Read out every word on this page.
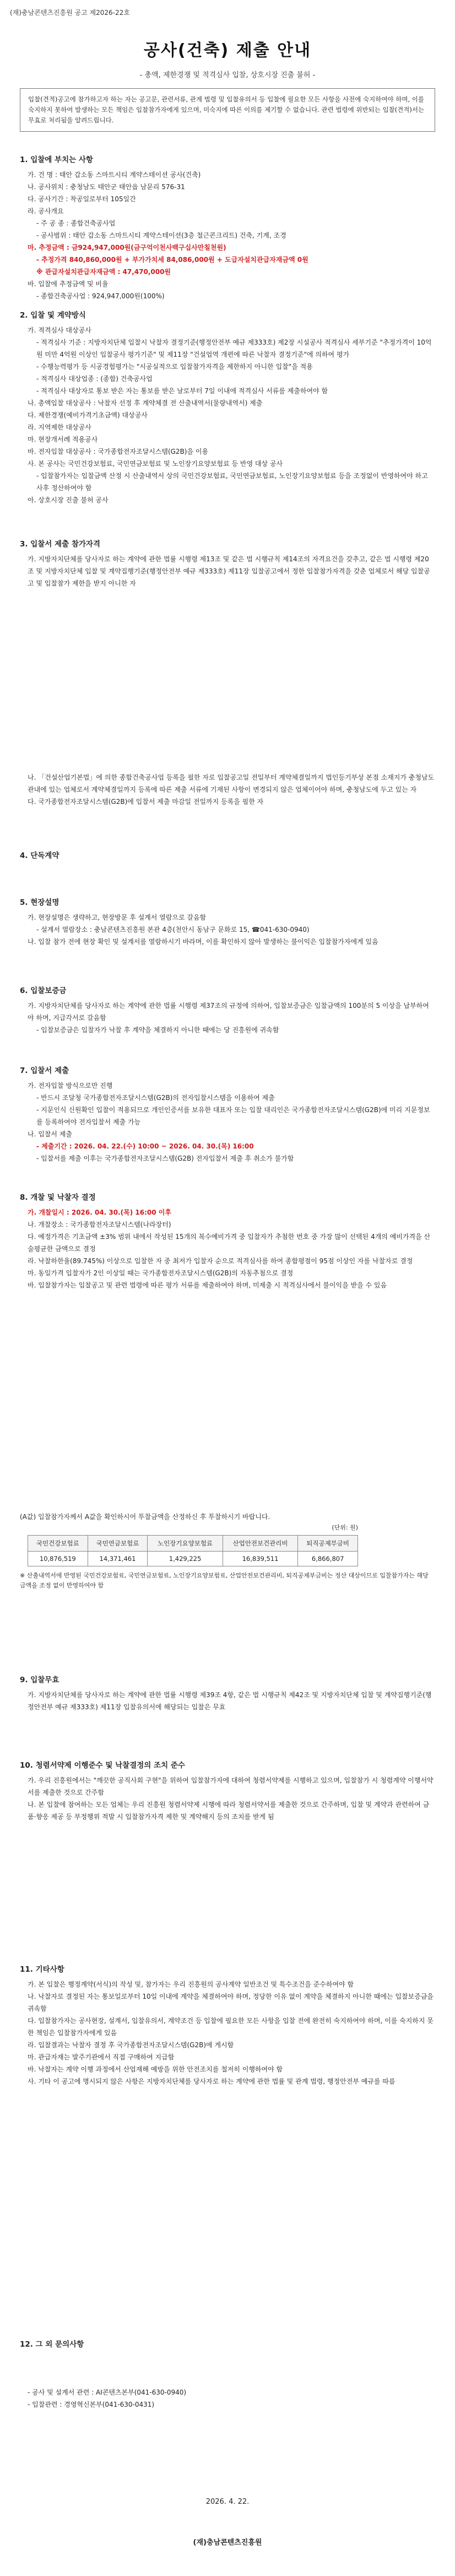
(재)충남콘텐츠진흥원 공고 제2026-22호
공사(건축) 제출 안내
- 총액, 제한경쟁 및 적격심사 입찰, 상호시장 진출 불허 -
입찰(견적)공고에 참가하고자 하는 자는 공고문, 관련서류, 관계 법령 및 입찰유의서 등 입찰에 필요한 모든 사항을 사전에 숙지하여야 하며, 이를 숙지하지 못하여 발생하는 모든 책임은 입찰참가자에게 있으며, 미숙지에 따른 이의를 제기할 수 없습니다. 관련 법령에 위반되는 입찰(견적)서는 무효로 처리됨을 알려드립니다.

1. 입찰에 부치는 사항

가. 건 명 : 태안 갑소동 스마트시티 계약스테이션 공사(건축)

나. 공사위치 : 충청남도 태안군 태안읍 남문리 576-31

다. 공사기간 : 착공일로부터 105일간

라. 공사개요

- 주 공 종 : 종합건축공사업

- 공사범위 : 태안 갑소동 스마트시티 계약스테이션(3층 철근콘크리트) 건축, 기계, 조경

마. 추정금액 : 금924,947,000원(금구억이천사백구십사만칠천원)

- 추정가격 840,860,000원 + 부가가치세 84,086,000원 + 도급자설치관급자재금액 0원

※ 관급자설치관급자재금액 : 47,470,000원

바. 입찰에 추정금액 및 비율

- 종합건축공사업 : 924,947,000원(100%)

2. 입찰 및 계약방식

가. 적격심사 대상공사

- 적격심사 기준 : 지방자치단체 입찰시 낙찰자 결정기준(행정안전부 예규 제333호) 제2장 시설공사 적격심사 세부기준 "추정가격이 10억원 미만 4억원 이상인 입찰공사 평가기준" 및 제11장 "건설업역 개편에 따른 낙찰자 결정기준"에 의하여 평가

- 수행능력평가 등 시공경험평가는 "시공실적으로 입찰참가자격을 제한하지 아니한 입찰"을 적용

- 적격심사 대상업종 : (종합) 건축공사업

- 적격심사 대상자로 통보 받은 자는 통보를 받은 날로부터 7일 이내에 적격심사 서류를 제출하여야 함

나. 총액입찰 대상공사 : 낙찰자 선정 후 계약체결 전 산출내역서(물량내역서) 제출

다. 제한경쟁(예비가격기초금액) 대상공사

라. 지역제한 대상공사

마. 현장개서례 적용공사

바. 전자입찰 대상공사 : 국가종합전자조달시스템(G2B)을 이용

사. 본 공사는 국민건강보험료, 국민연금보험료 및 노인장기요양보험료 등 반영 대상 공사

- 입찰참가자는 입찰금액 산정 시 산출내역서 상의 국민건강보험료, 국민연금보험료, 노인장기요양보험료 등을 조정없이 반영하여야 하고 사후 정산하여야 함

아. 상호시장 진출 불허 공사

3. 입찰서 제출 참가자격

가. 지방자치단체를 당사자로 하는 계약에 관한 법률 시행령 제13조 및 같은 법 시행규칙 제14조의 자격요건을 갖추고, 같은 법 시행령 제20조 및 지방자치단체 입찰 및 계약집행기준(행정안전부 예규 제333호) 제11장 입찰공고에서 정한 입찰참가자격을 갖춘 업체로서 해당 입찰공고 및 입찰참가 제한을 받지 아니한 자

나. 「건설산업기본법」에 의한 종합건축공사업 등록을 필한 자로 입찰공고일 전일부터 계약체결일까지 법인등기부상 본점 소재지가 충청남도 관내에 있는 업체로서 계약체결일까지 등록에 따른 제출 서류에 기재된 사항이 변경되지 않은 업체이어야 하며, 충청남도에 두고 있는 자

다. 국가종합전자조달시스템(G2B)에 입찰서 제출 마감일 전일까지 등록을 필한 자

4. 단독계약

5. 현장설명

가. 현장설명은 생략하고, 현장방문 후 설계서 열람으로 갈음함

- 설계서 열람장소 : 충남콘텐츠진흥원 본관 4층(천안시 동남구 문화로 15, ☎041-630-0940)

나. 입찰 참가 전에 현장 확인 및 설계서를 열람하시기 바라며, 이를 확인하지 않아 발생하는 불이익은 입찰참가자에게 있음

6. 입찰보증금

가. 지방자치단체를 당사자로 하는 계약에 관한 법률 시행령 제37조의 규정에 의하여, 입찰보증금은 입찰금액의 100분의 5 이상을 납부하여야 하며, 지급각서로 갈음함

- 입찰보증금은 입찰자가 낙찰 후 계약을 체결하지 아니한 때에는 당 진흥원에 귀속함

7. 입찰서 제출

가. 전자입찰 방식으로만 진행

- 반드시 조달청 국가종합전자조달시스템(G2B)의 전자입찰시스템을 이용하여 제출

- 지문인식 신원확인 입찰이 적용되므로 개인인증서를 보유한 대표자 또는 입찰 대리인은 국가종합전자조달시스템(G2B)에 미리 지문정보를 등록하여야 전자입찰서 제출 가능

나. 입찰서 제출

- 제출기간 : 2026. 04. 22.(수) 10:00 ~ 2026. 04. 30.(목) 16:00

- 입찰서를 제출 이후는 국가종합전자조달시스템(G2B) 전자입찰서 제출 후 취소가 불가함

8. 개찰 및 낙찰자 결정

가. 개찰일시 : 2026. 04. 30.(목) 16:00 이후

나. 개찰장소 : 국가종합전자조달시스템(나라장터)

다. 예정가격은 기초금액 ±3% 범위 내에서 작성된 15개의 복수예비가격 중 입찰자가 추첨한 번호 중 가장 많이 선택된 4개의 예비가격을 산술평균한 금액으로 결정

라. 낙찰하한율(89.745%) 이상으로 입찰한 자 중 최저가 입찰자 순으로 적격심사를 하여 종합평점이 95점 이상인 자를 낙찰자로 결정

마. 동일가격 입찰자가 2인 이상일 때는 국가종합전자조달시스템(G2B)의 자동추첨으로 결정

바. 입찰참가자는 입찰공고 및 관련 법령에 따른 평가 서류를 제출하여야 하며, 미제출 시 적격심사에서 불이익을 받을 수 있음

(A값) 입찰참가자께서 A값을 확인하시어 투찰금액을 산정하신 후 투찰하시기 바랍니다.

(단위: 원)

국민건강보험료	국민연금보험료	노인장기요양보험료	산업안전보건관리비	퇴직공제부금비
10,876,519	14,371,461	1,429,225	16,839,511	6,866,807

※ 산출내역서에 반영된 국민건강보험료, 국민연금보험료, 노인장기요양보험료, 산업안전보건관리비, 퇴직공제부금비는 정산 대상이므로 입찰참가자는 해당 금액을 조정 없이 반영하여야 함

9. 입찰무효

가. 지방자치단체를 당사자로 하는 계약에 관한 법률 시행령 제39조 4항, 같은 법 시행규칙 제42조 및 지방자치단체 입찰 및 계약집행기준(행정안전부 예규 제333호) 제11장 입찰유의서에 해당되는 입찰은 무효

10. 청렴서약제 이행준수 및 낙찰결정의 조치 준수

가. 우리 진흥원에서는 "깨끗한 공직사회 구현"을 위하여 입찰참가자에 대하여 청렴서약제를 시행하고 있으며, 입찰참가 시 청렴계약 이행서약서를 제출한 것으로 간주함

나. 본 입찰에 참여하는 모든 업체는 우리 진흥원 청렴서약제 시행에 따라 청렴서약서를 제출한 것으로 간주하며, 입찰 및 계약과 관련하여 금품·향응 제공 등 부정행위 적발 시 입찰참가자격 제한 및 계약해지 등의 조치를 받게 됨

11. 기타사항

가. 본 입찰은 행정계약(서식)의 작성 및, 참가자는 우리 진흥원의 공사계약 일반조건 및 특수조건을 준수하여야 함

나. 낙찰자로 결정된 자는 통보일로부터 10일 이내에 계약을 체결하여야 하며, 정당한 이유 없이 계약을 체결하지 아니한 때에는 입찰보증금을 귀속함

다. 입찰참가자는 공사현장, 설계서, 입찰유의서, 계약조건 등 입찰에 필요한 모든 사항을 입찰 전에 완전히 숙지하여야 하며, 이를 숙지하지 못한 책임은 입찰참가자에게 있음

라. 입찰결과는 낙찰자 결정 후 국가종합전자조달시스템(G2B)에 게시함

마. 관급자재는 발주기관에서 직접 구매하여 지급함

바. 낙찰자는 계약 이행 과정에서 산업재해 예방을 위한 안전조치를 철저히 이행하여야 함

사. 기타 이 공고에 명시되지 않은 사항은 지방자치단체를 당사자로 하는 계약에 관한 법률 및 관계 법령, 행정안전부 예규를 따름

12. 그 외 문의사항

- 공사 및 설계서 관련 : AI콘텐츠본부(041-630-0940)

- 입찰관련 : 경영혁신본부(041-630-0431)

2026. 4. 22.
(재)충남콘텐츠진흥원
